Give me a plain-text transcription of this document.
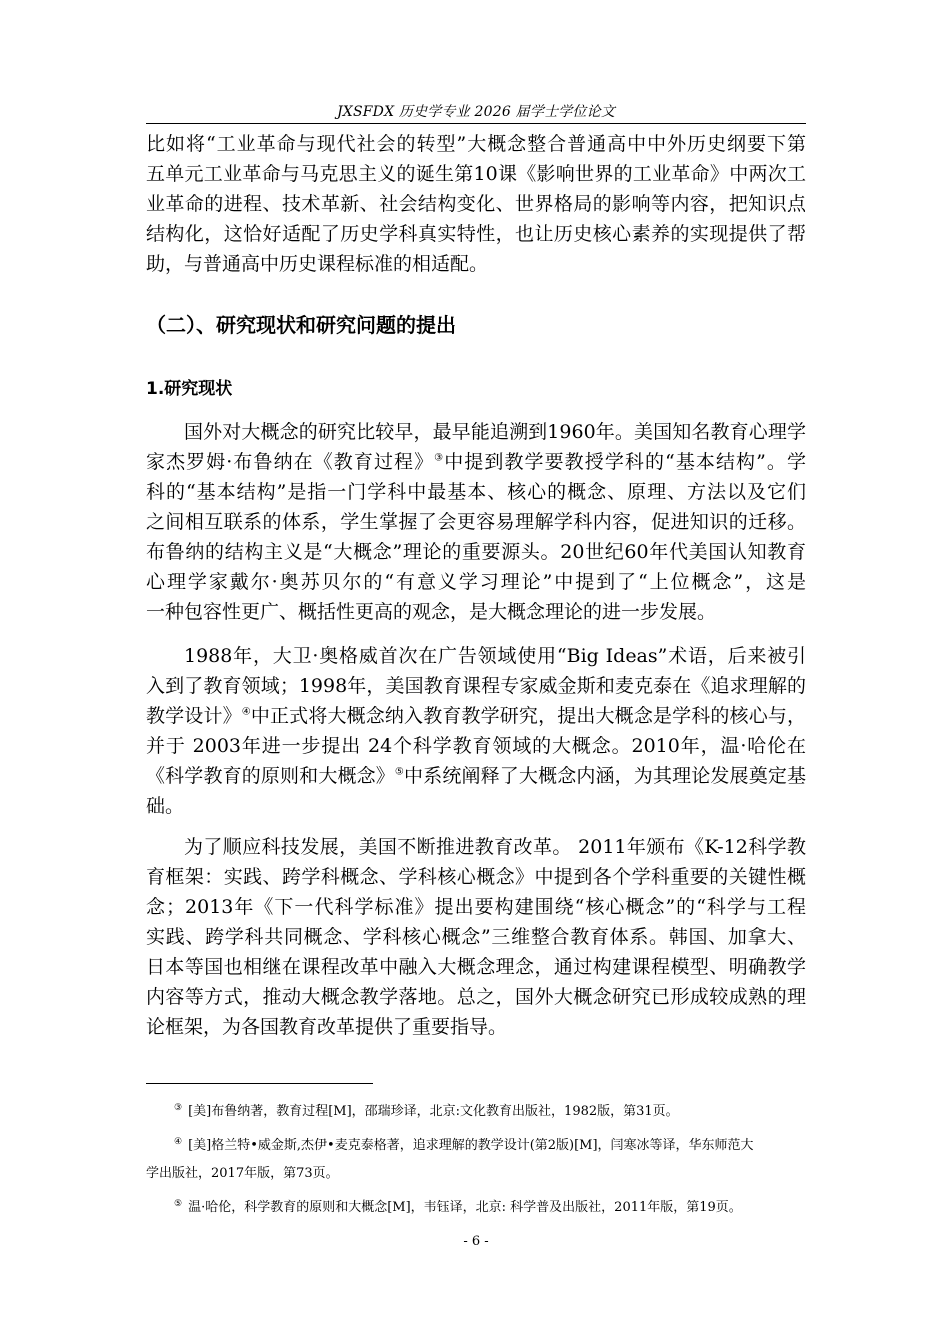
JXSFDX 历史学专业 2026 届学士学位论文
比如将“工业革命与现代社会的转型”大概念整合普通高中中外历史纲要下第
五单元工业革命与马克思主义的诞生第10课《影响世界的工业革命》中两次工
业革命的进程、技术革新、社会结构变化、世界格局的影响等内容，把知识点
结构化，这恰好适配了历史学科真实特性，也让历史核心素养的实现提供了帮
助，与普通高中历史课程标准的相适配。
（二）、研究现状和研究问题的提出
1.研究现状
国外对大概念的研究比较早，最早能追溯到1960年。美国知名教育心理学
家杰罗姆·布鲁纳在《教育过程》③中提到教学要教授学科的“基本结构”。学
科的“基本结构”是指一门学科中最基本、核心的概念、原理、方法以及它们
之间相互联系的体系，学生掌握了会更容易理解学科内容，促进知识的迁移。
布鲁纳的结构主义是“大概念”理论的重要源头。20世纪60年代美国认知教育
心理学家戴尔·奥苏贝尔的“有意义学习理论”中提到了“上位概念”，这是
一种包容性更广、概括性更高的观念，是大概念理论的进一步发展。
1988年，大卫·奥格威首次在广告领域使用“Big Ideas”术语，后来被引
入到了教育领域；1998年，美国教育课程专家威金斯和麦克泰在《追求理解的
教学设计》④中正式将大概念纳入教育教学研究，提出大概念是学科的核心与，
并于 2003年进一步提出 24个科学教育领域的大概念。2010年，温·哈伦在
《科学教育的原则和大概念》⑤中系统阐释了大概念内涵，为其理论发展奠定基
础。
为了顺应科技发展，美国不断推进教育改革。 2011年颁布《K-12科学教
育框架：实践、跨学科概念、学科核心概念》中提到各个学科重要的关键性概
念；2013年《下一代科学标准》提出要构建围绕“核心概念”的“科学与工程
实践、跨学科共同概念、学科核心概念”三维整合教育体系。韩国、加拿大、
日本等国也相继在课程改革中融入大概念理念，通过构建课程模型、明确教学
内容等方式，推动大概念教学落地。总之，国外大概念研究已形成较成熟的理
论框架，为各国教育改革提供了重要指导。
③ [美]布鲁纳著，教育过程[M]，邵瑞珍译，北京:文化教育出版社，1982版，第31页。
④ [美]格兰特•威金斯,杰伊•麦克泰格著，追求理解的教学设计(第2版)[M]，闫寒冰等译，华东师范大
学出版社，2017年版，第73页。
⑤ 温·哈伦，科学教育的原则和大概念[M]，韦钰译，北京: 科学普及出版社，2011年版，第19页。
- 6 -
